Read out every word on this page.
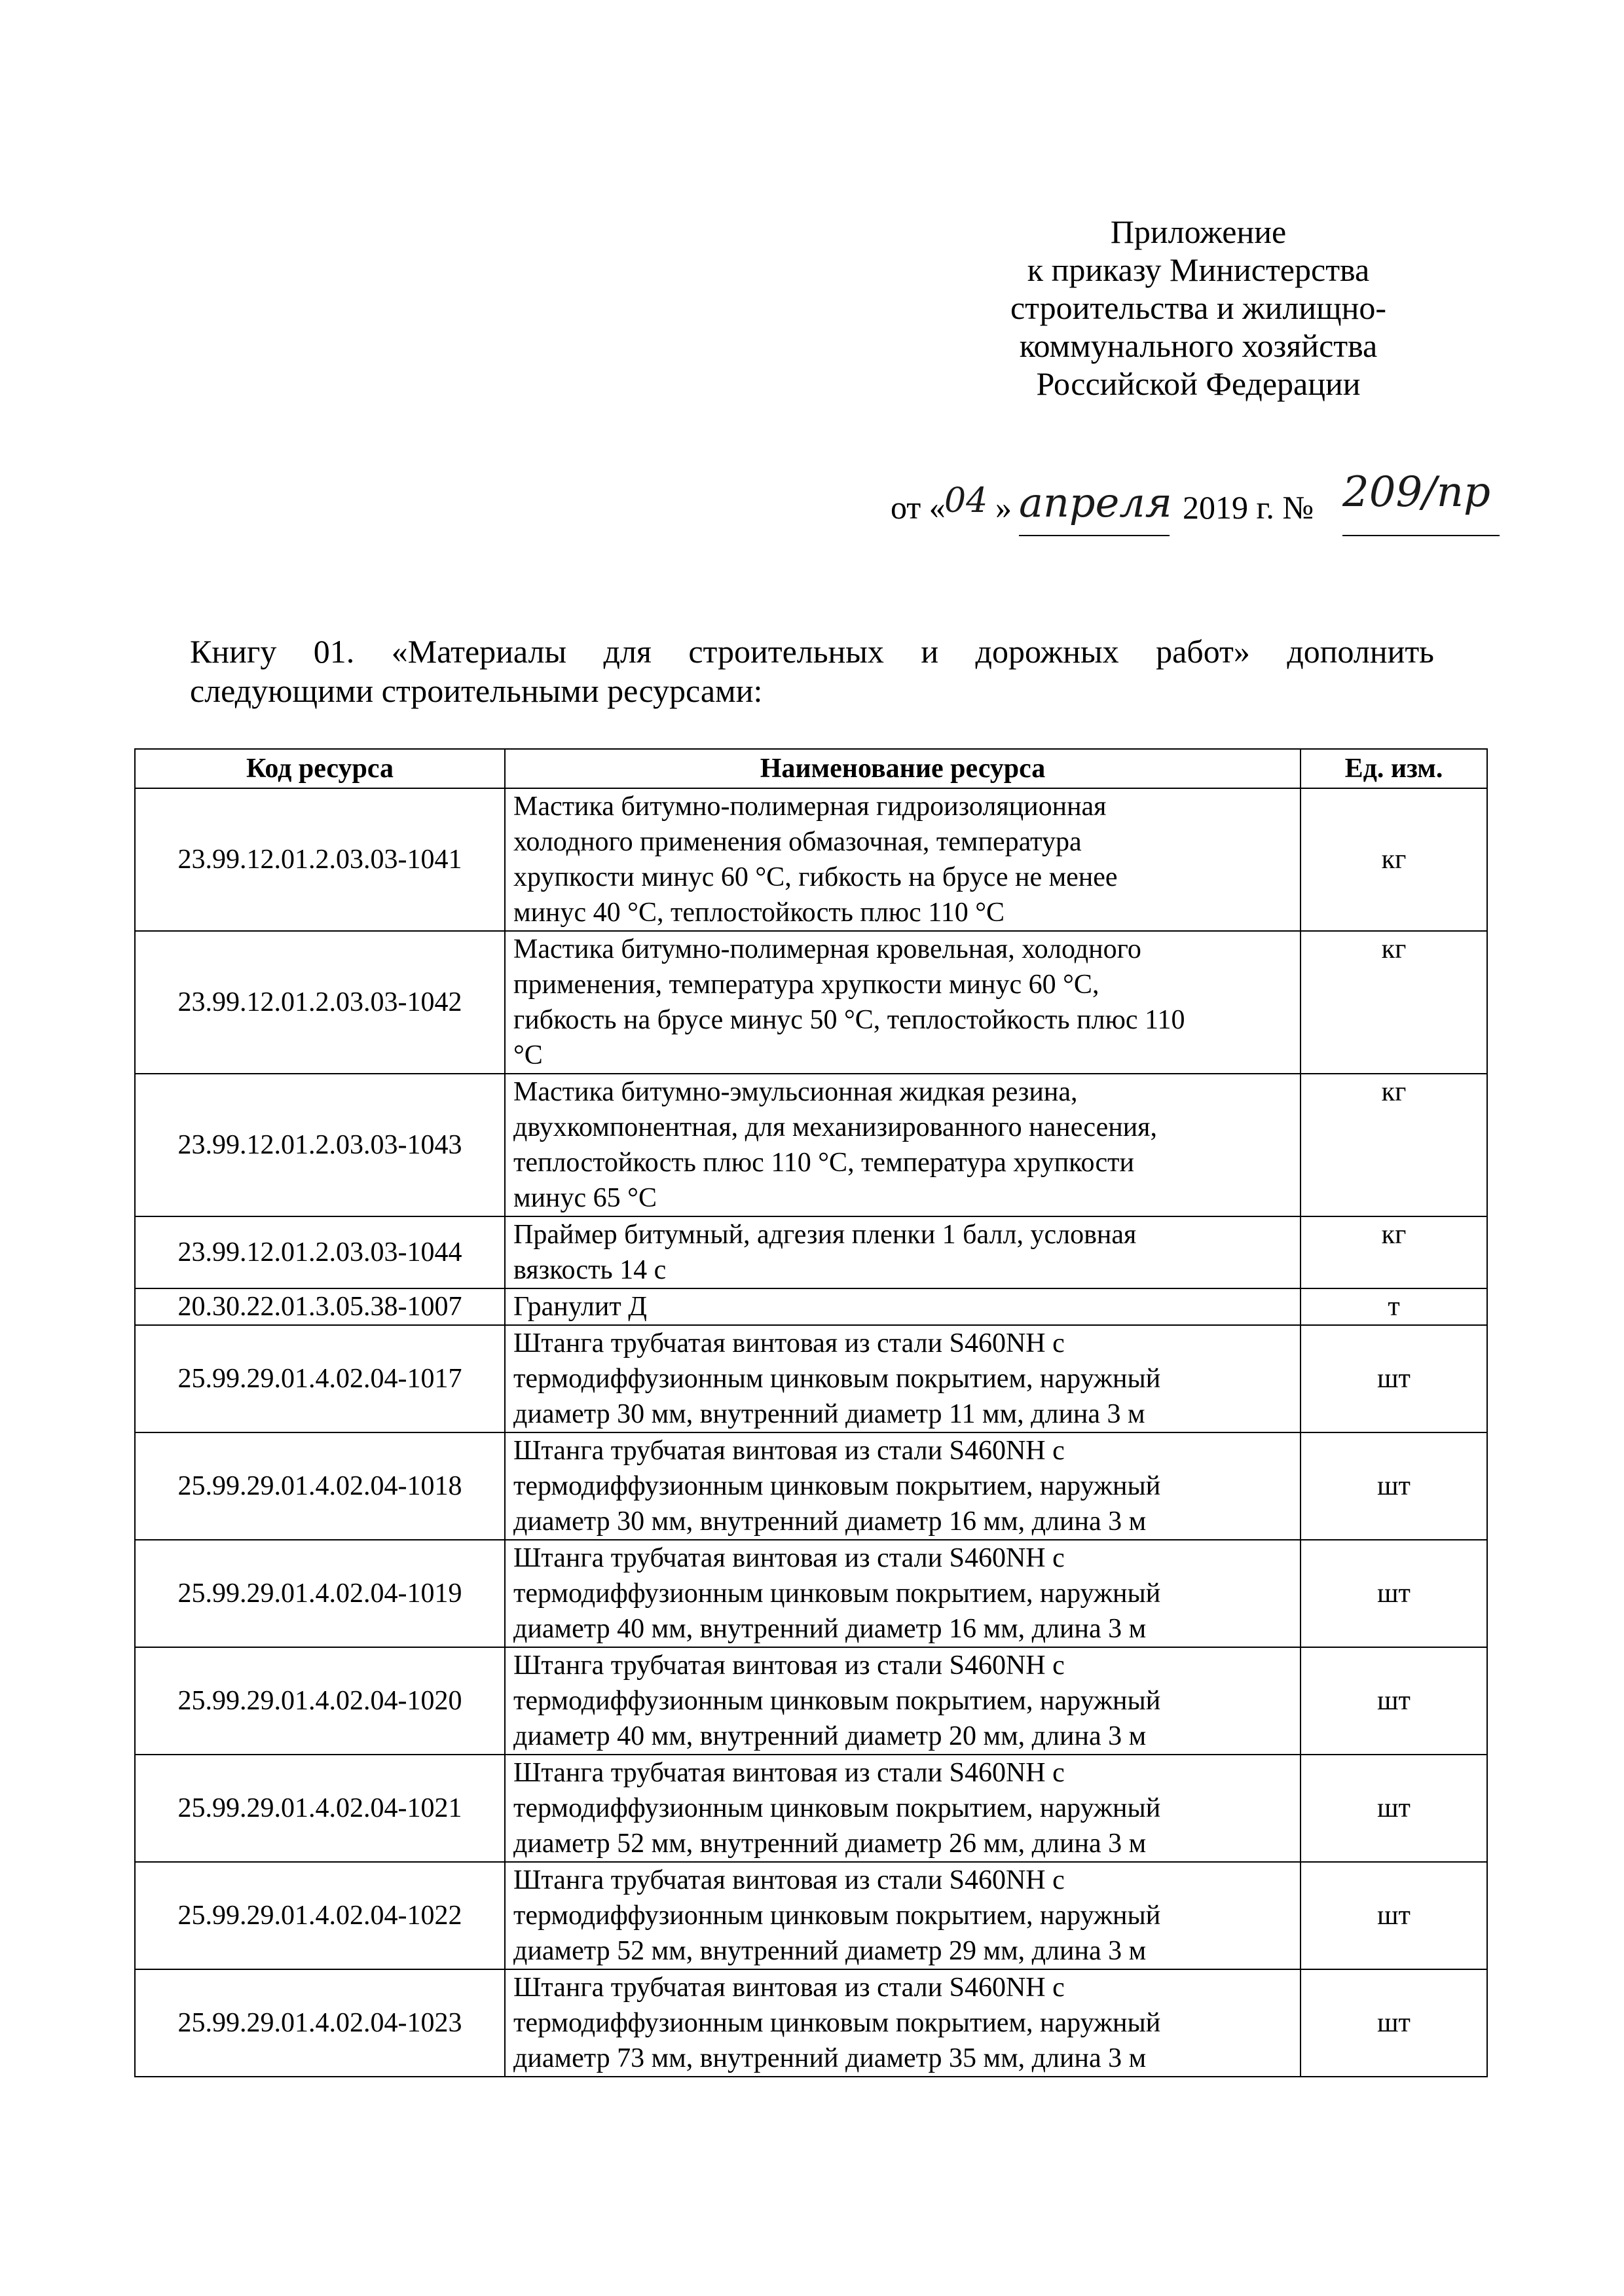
Приложение
к приказу Министерства
строительства и жилищно-
коммунального хозяйства
Российской Федерации
от «
04 » апреля 2019 г. № 209/пр
Книгу 01. «Материалы для строительных и дорожных работ» дополнить
следующими строительными ресурсами:
Код ресурса	Наименование ресурса	Ед. изм.
23.99.12.01.2.03.03-1041	Мастика битумно-полимерная гидроизоляционная
холодного применения обмазочная, температура
хрупкости минус 60 °С, гибкость на брусе не менее
минус 40 °С, теплостойкость плюс 110 °С	кг
23.99.12.01.2.03.03-1042	Мастика битумно-полимерная кровельная, холодного
применения, температура хрупкости минус 60 °С,
гибкость на брусе минус 50 °С, теплостойкость плюс 110
°С	кг
23.99.12.01.2.03.03-1043	Мастика битумно-эмульсионная жидкая резина,
двухкомпонентная, для механизированного нанесения,
теплостойкость плюс 110 °С, температура хрупкости
минус 65 °С	кг
23.99.12.01.2.03.03-1044	Праймер битумный, адгезия пленки 1 балл, условная
вязкость 14 с	кг
20.30.22.01.3.05.38-1007	Гранулит Д	т
25.99.29.01.4.02.04-1017	Штанга трубчатая винтовая из стали S460NH с
термодиффузионным цинковым покрытием, наружный
диаметр 30 мм, внутренний диаметр 11 мм, длина 3 м	шт
25.99.29.01.4.02.04-1018	Штанга трубчатая винтовая из стали S460NH с
термодиффузионным цинковым покрытием, наружный
диаметр 30 мм, внутренний диаметр 16 мм, длина 3 м	шт
25.99.29.01.4.02.04-1019	Штанга трубчатая винтовая из стали S460NH с
термодиффузионным цинковым покрытием, наружный
диаметр 40 мм, внутренний диаметр 16 мм, длина 3 м	шт
25.99.29.01.4.02.04-1020	Штанга трубчатая винтовая из стали S460NH с
термодиффузионным цинковым покрытием, наружный
диаметр 40 мм, внутренний диаметр 20 мм, длина 3 м	шт
25.99.29.01.4.02.04-1021	Штанга трубчатая винтовая из стали S460NH с
термодиффузионным цинковым покрытием, наружный
диаметр 52 мм, внутренний диаметр 26 мм, длина 3 м	шт
25.99.29.01.4.02.04-1022	Штанга трубчатая винтовая из стали S460NH с
термодиффузионным цинковым покрытием, наружный
диаметр 52 мм, внутренний диаметр 29 мм, длина 3 м	шт
25.99.29.01.4.02.04-1023	Штанга трубчатая винтовая из стали S460NH с
термодиффузионным цинковым покрытием, наружный
диаметр 73 мм, внутренний диаметр 35 мм, длина 3 м	шт
